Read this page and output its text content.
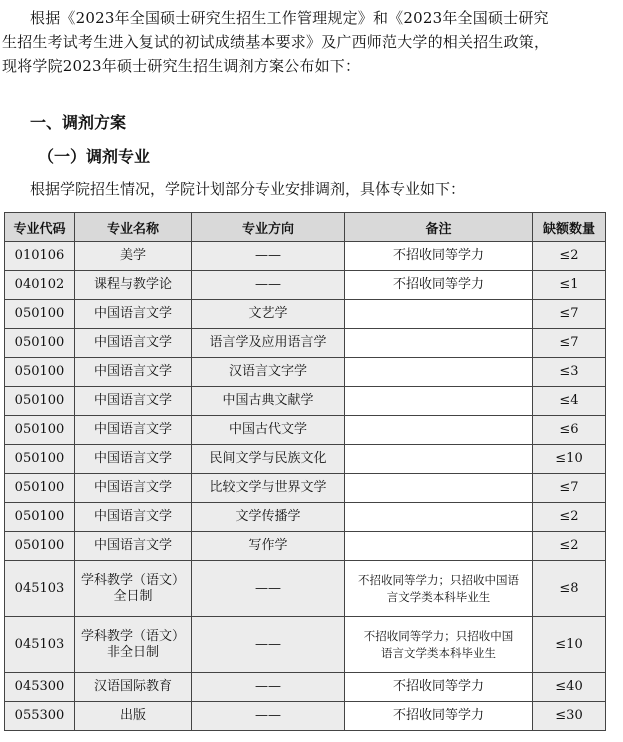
根据《2023年全国硕士研究生招生工作管理规定》和《2023年全国硕士研究
生招生考试考生进入复试的初试成绩基本要求》及广西师范大学的相关招生政策，
现将学院2023年硕士研究生招生调剂方案公布如下：
一、调剂方案
（一）调剂专业
根据学院招生情况，学院计划部分专业安排调剂，具体专业如下：
专业代码	专业名称	专业方向	备注	缺额数量
010106	美学	——	不招收同等学力	≤2
040102	课程与教学论	——	不招收同等学力	≤1
050100	中国语言文学	文艺学		≤7
050100	中国语言文学	语言学及应用语言学		≤7
050100	中国语言文学	汉语言文字学		≤3
050100	中国语言文学	中国古典文献学		≤4
050100	中国语言文学	中国古代文学		≤6
050100	中国语言文学	民间文学与民族文化		≤10
050100	中国语言文学	比较文学与世界文学		≤7
050100	中国语言文学	文学传播学		≤2
050100	中国语言文学	写作学		≤2
045103	学科教学（语文）
全日制	——	不招收同等学力；只招收中国语
言文学类本科毕业生	≤8
045103	学科教学（语文）
非全日制	——	不招收同等学力；只招收中国
语言文学类本科毕业生	≤10
045300	汉语国际教育	——	不招收同等学力	≤40
055300	出版	——	不招收同等学力	≤30
